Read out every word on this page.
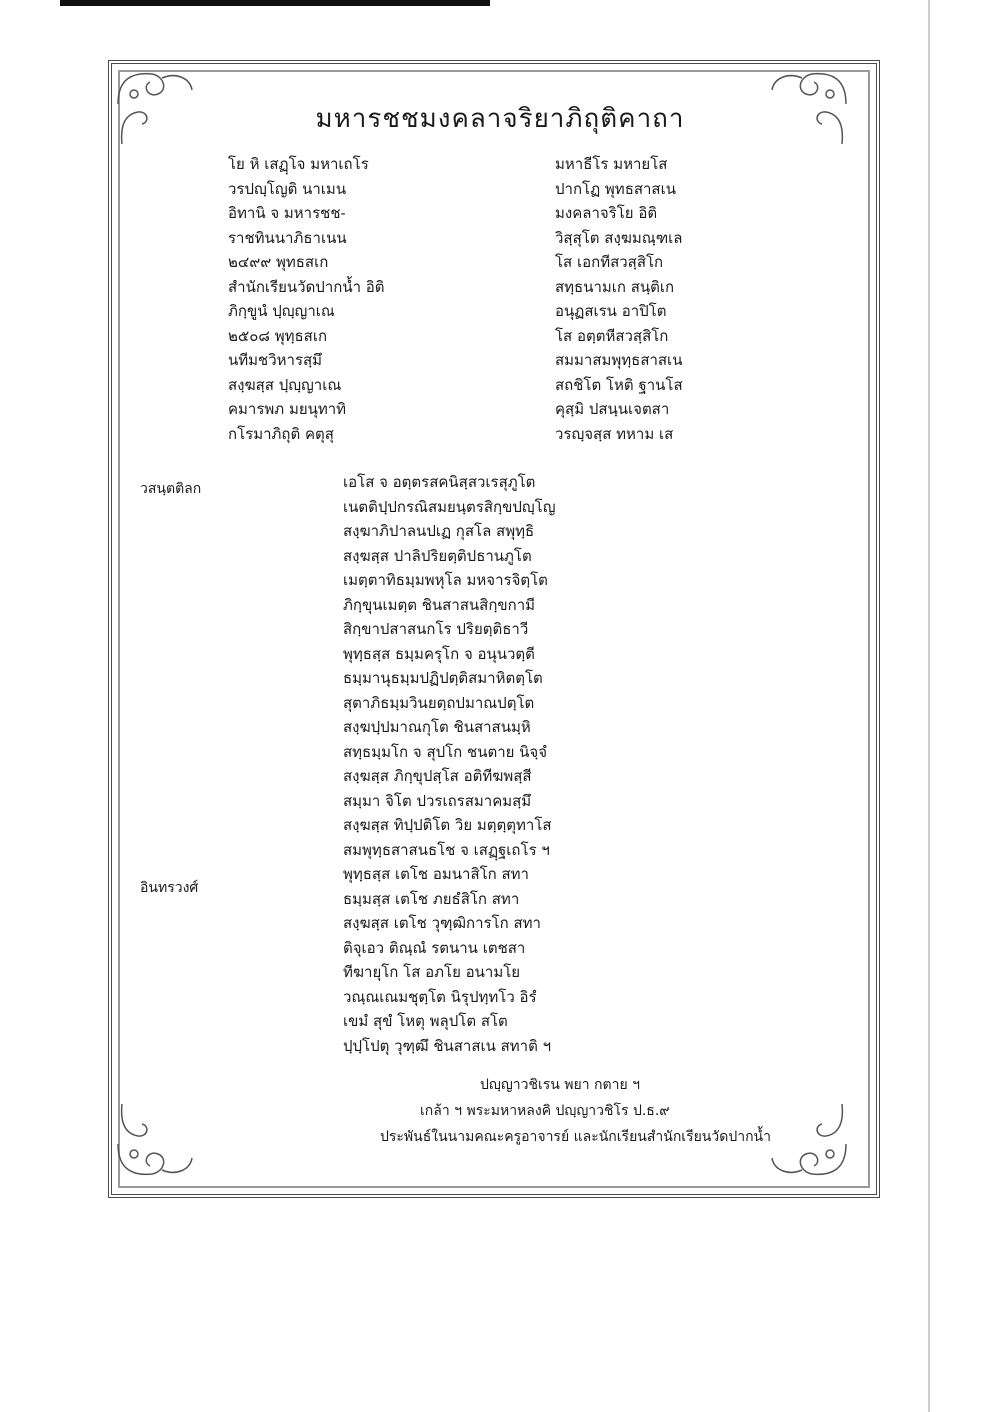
มหารชชมงคลาจริยาภิถุติคาถา
โย หิ เสฏฺโจ มหาเถโร
วรปญฺโญติ นาเมน
อิทานิ จ มหารชช-
ราชทินนาภิธาเนน
๒๔๙๙ พุทธสเก
สำนักเรียนวัดปากน้ำ อิติ
ภิกฺขูนํ ปฺญฺญาเณ
๒๕๐๘ พุทฺธสเก
นทีมชวิหารสฺมึ
สงฺฆสฺส ปฺญฺญาเณ
คมารพภ มยนุทาทิ
กโรมาภิถุติ คตุสุ
มหาธีโร มหายโส
ปากโฏ พุทธสาสเน
มงคลาจริโย อิติ
วิสฺสุโต สงฺฆมณฺฑเล
โส เอกทีสวสฺสิโก
สทฺธนามเก สนฺติเก
อนุฏสเรน อาปิโต
โส อตฺตหีสวสฺสิโก
สมมาสมพุทฺธสาสเน
สถชิโต โหติ ฐานโส
คุสฺมิ ปสนฺนเจตสา
วรญฺจสฺส ทหาม เส
วสนฺตติลก
อินทรวงศ์
เอโส จ อตฺตรสคนิสฺสวเรสุภูโต
เนตติปฺปกรณิสมยนฺตรสิกฺขปญฺโญ
สงฺฆาภิปาลนปเฏ กุสโล สพุทฺธิ
สงฺฆสฺส ปาลิปริยตฺติปธานภูโต
เมตฺตาทิธมฺมพหุโล มหจารจิตฺโต
ภิกฺขุนเมตฺต ชินสาสนสิกฺขกามี
สิกฺขาปสาสนกโร ปริยตฺติธาวี
พุทฺธสฺส ธมฺมครุโก จ อนุนวตฺตี
ธมฺมานุธมฺมปฏิปตฺติสมาหิตตฺโต
สุตาภิธมฺมวินยตฺถปมาณปตฺโต
สงฺฆปฺปมาณกุโต ชินสาสนมฺหิ
สทฺธมฺมโก จ สุปโก ชนตาย นิจฺจํ
สงฺฆสฺส ภิกฺขุปสฺโส อติทีฆพสฺสี
สมฺมา จิโต ปวรเถรสมาคมสฺมึ
สงฺฆสฺส ทิปฺปติโต วิย มตฺตฺตุทาโส
สมพุทฺธสาสนธโช จ เสฏฺฐเถโร ฯ
พุทฺธสฺส เตโช อมนาสิโก สทา
ธมฺมสฺส เตโช ภยธํสิโก สทา
สงฺฆสฺส เตโช วุฑฺฒิการโก สทา
ติจุเอว ติณฺณํ รตนาน เตชสา
ทีฆายุโก โส อภโย อนามโย
วณฺณเณมชุตฺโต นิรุปทฺทโว อิรํ
เขมํ สุขํ โหตุ พลุปโต สโต
ปฺปฺโปตุ วุฑฺฒึ ชินสาสเน สทาติ ฯ
ปญฺญาวชิเรน พยา กตาย ฯ
เกล้า ฯ พระมหาหลงคิ ปญฺญาวชิโร ป.ธ.๙
ประพันธ์ในนามคณะครูอาจารย์ และนักเรียนสำนักเรียนวัดปากน้ำ
